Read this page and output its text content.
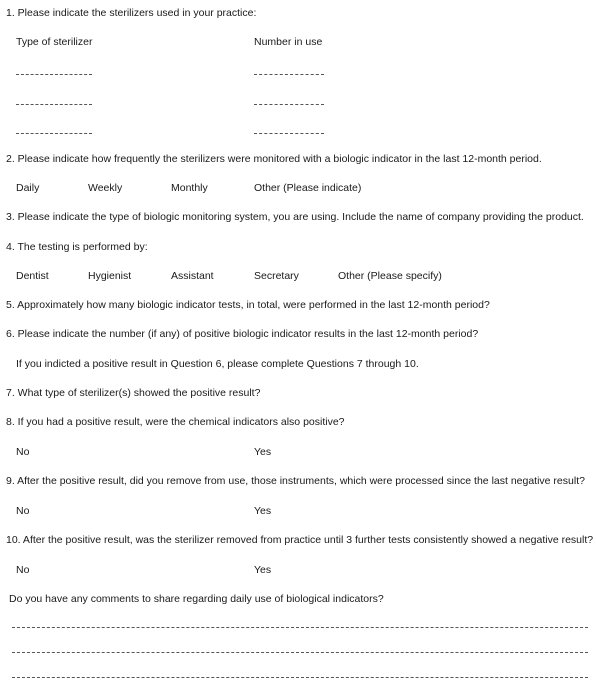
1. Please indicate the sterilizers used in your practice:
Type of sterilizer	Number in use
2. Please indicate how frequently the sterilizers were monitored with a biologic indicator in the last 12-month period.
Daily	Weekly	Monthly	Other (Please indicate)
3. Please indicate the type of biologic monitoring system, you are using. Include the name of company providing the product.
4. The testing is performed by:
Dentist	Hygienist	Assistant	Secretary	Other (Please specify)
5. Approximately how many biologic indicator tests, in total, were performed in the last 12-month period?
6. Please indicate the number (if any) of positive biologic indicator results in the last 12-month period?
If you indicted a positive result in Question 6, please complete Questions 7 through 10.
7. What type of sterilizer(s) showed the positive result?
8. If you had a positive result, were the chemical indicators also positive?
No	Yes
9. After the positive result, did you remove from use, those instruments, which were processed since the last negative result?
No	Yes
10. After the positive result, was the sterilizer removed from practice until 3 further tests consistently showed a negative result?
No	Yes
Do you have any comments to share regarding daily use of biological indicators?
